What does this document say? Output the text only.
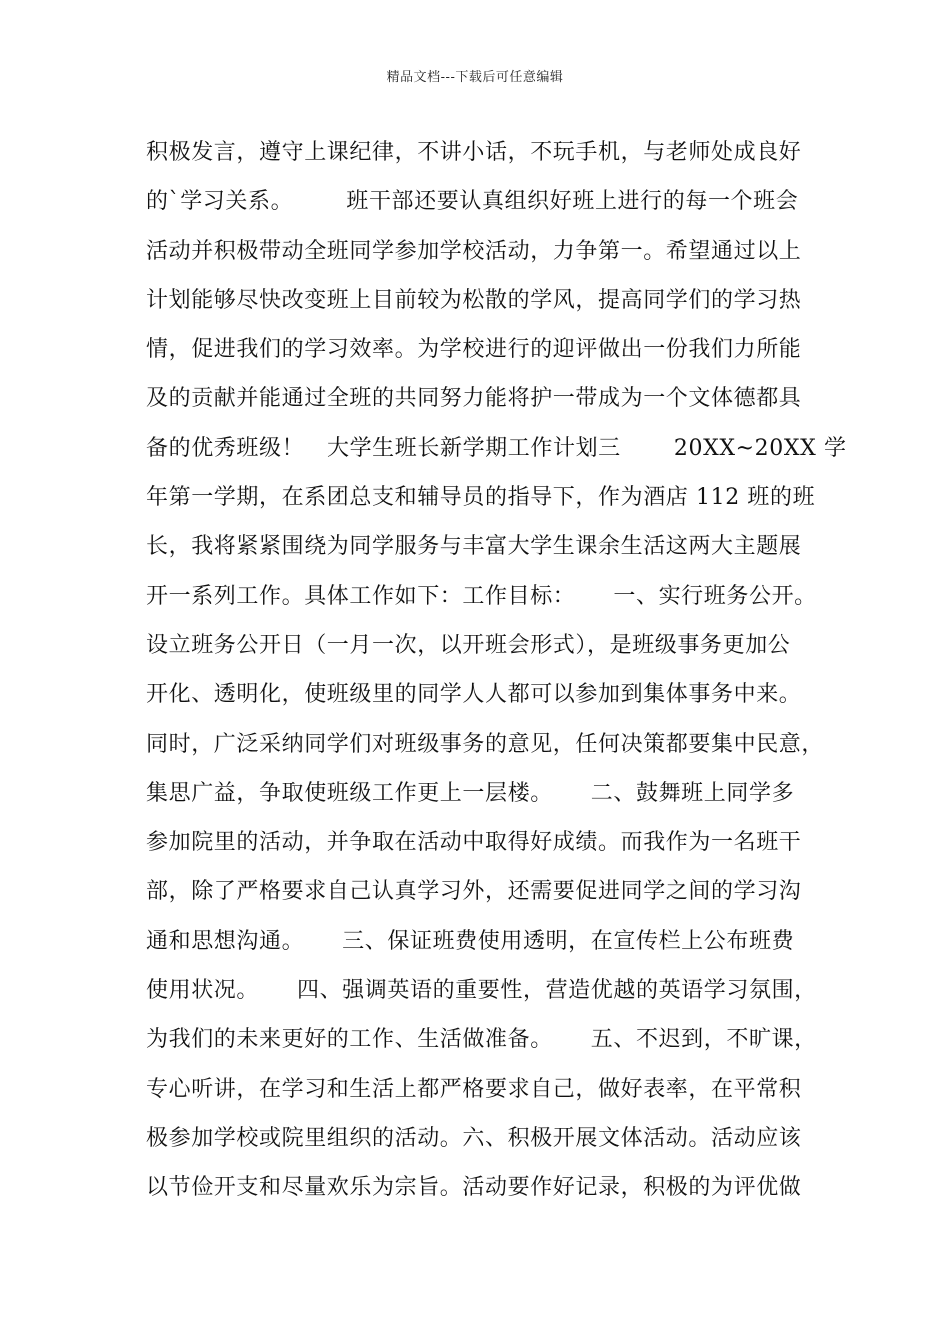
精品文档---下载后可任意编辑
积极发言，遵守上课纪律，不讲小话，不玩手机，与老师处成良好
的`学习关系。       班干部还要认真组织好班上进行的每一个班会
活动并积极带动全班同学参加学校活动，力争第一。希望通过以上
计划能够尽快改变班上目前较为松散的学风，提高同学们的学习热
情，促进我们的学习效率。为学校进行的迎评做出一份我们力所能
及的贡献并能通过全班的共同努力能将护一带成为一个文体德都具
备的优秀班级！   大学生班长新学期工作计划三       20XX~20XX 学
年第一学期，在系团总支和辅导员的指导下，作为酒店 112 班的班
长，我将紧紧围绕为同学服务与丰富大学生课余生活这两大主题展
开一系列工作。具体工作如下：工作目标：     一、实行班务公开。
设立班务公开日（一月一次，以开班会形式），是班级事务更加公
开化、透明化，使班级里的同学人人都可以参加到集体事务中来。
同时，广泛采纳同学们对班级事务的意见，任何决策都要集中民意，
集思广益，争取使班级工作更上一层楼。     二、鼓舞班上同学多
参加院里的活动，并争取在活动中取得好成绩。而我作为一名班干
部，除了严格要求自己认真学习外，还需要促进同学之间的学习沟
通和思想沟通。     三、保证班费使用透明，在宣传栏上公布班费
使用状况。     四、强调英语的重要性，营造优越的英语学习氛围，
为我们的未来更好的工作、生活做准备。     五、不迟到，不旷课，
专心听讲，在学习和生活上都严格要求自己，做好表率，在平常积
极参加学校或院里组织的活动。六、积极开展文体活动。活动应该
以节俭开支和尽量欢乐为宗旨。活动要作好记录，积极的为评优做
